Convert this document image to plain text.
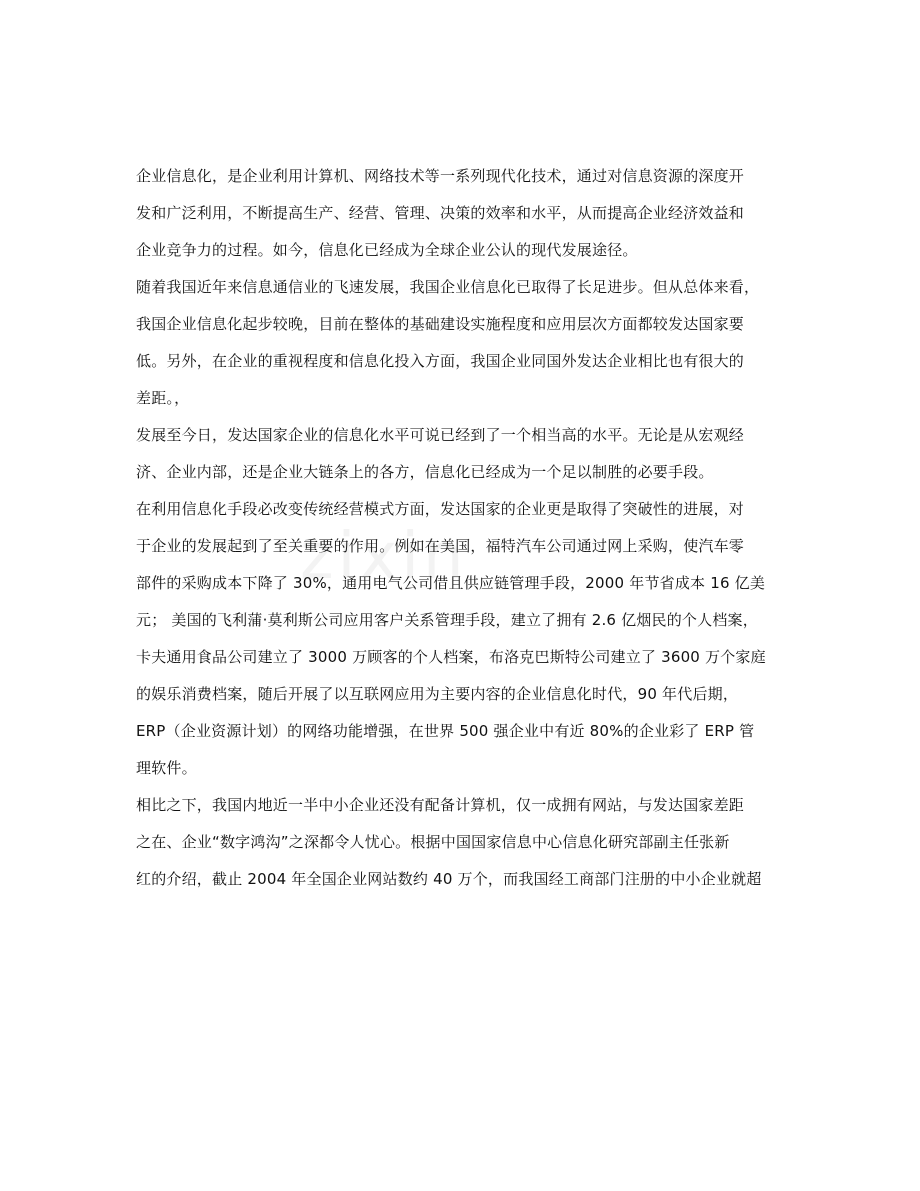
zixin
企业信息化，是企业利用计算机、网络技术等一系列现代化技术，通过对信息资源的深度开
发和广泛利用，不断提高生产、经营、管理、决策的效率和水平，从而提高企业经济效益和
企业竞争力的过程。如今，信息化已经成为全球企业公认的现代发展途径。
随着我国近年来信息通信业的飞速发展，我国企业信息化已取得了长足进步。但从总体来看，
我国企业信息化起步较晚，目前在整体的基础建设实施程度和应用层次方面都较发达国家要
低。另外，在企业的重视程度和信息化投入方面，我国企业同国外发达企业相比也有很大的
差距。，
发展至今日，发达国家企业的信息化水平可说已经到了一个相当高的水平。无论是从宏观经
济、企业内部，还是企业大链条上的各方，信息化已经成为一个足以制胜的必要手段。
在利用信息化手段必改变传统经营模式方面，发达国家的企业更是取得了突破性的进展，对
于企业的发展起到了至关重要的作用。例如在美国，福特汽车公司通过网上采购，使汽车零
部件的采购成本下降了 30%，通用电气公司借且供应链管理手段，2000 年节省成本 16 亿美
元； 美国的飞利蒲·莫利斯公司应用客户关系管理手段，建立了拥有 2.6 亿烟民的个人档案，
卡夫通用食品公司建立了 3000 万顾客的个人档案，布洛克巴斯特公司建立了 3600 万个家庭
的娱乐消费档案，随后开展了以互联网应用为主要内容的企业信息化时代，90 年代后期，
ERP（企业资源计划）的网络功能增强，在世界 500 强企业中有近 80%的企业彩了 ERP 管
理软件。
相比之下，我国内地近一半中小企业还没有配备计算机，仅一成拥有网站，与发达国家差距
之在、企业“数字鸿沟”之深都令人忧心。根据中国国家信息中心信息化研究部副主任张新
红的介绍，截止 2004 年全国企业网站数约 40 万个，而我国经工商部门注册的中小企业就超
